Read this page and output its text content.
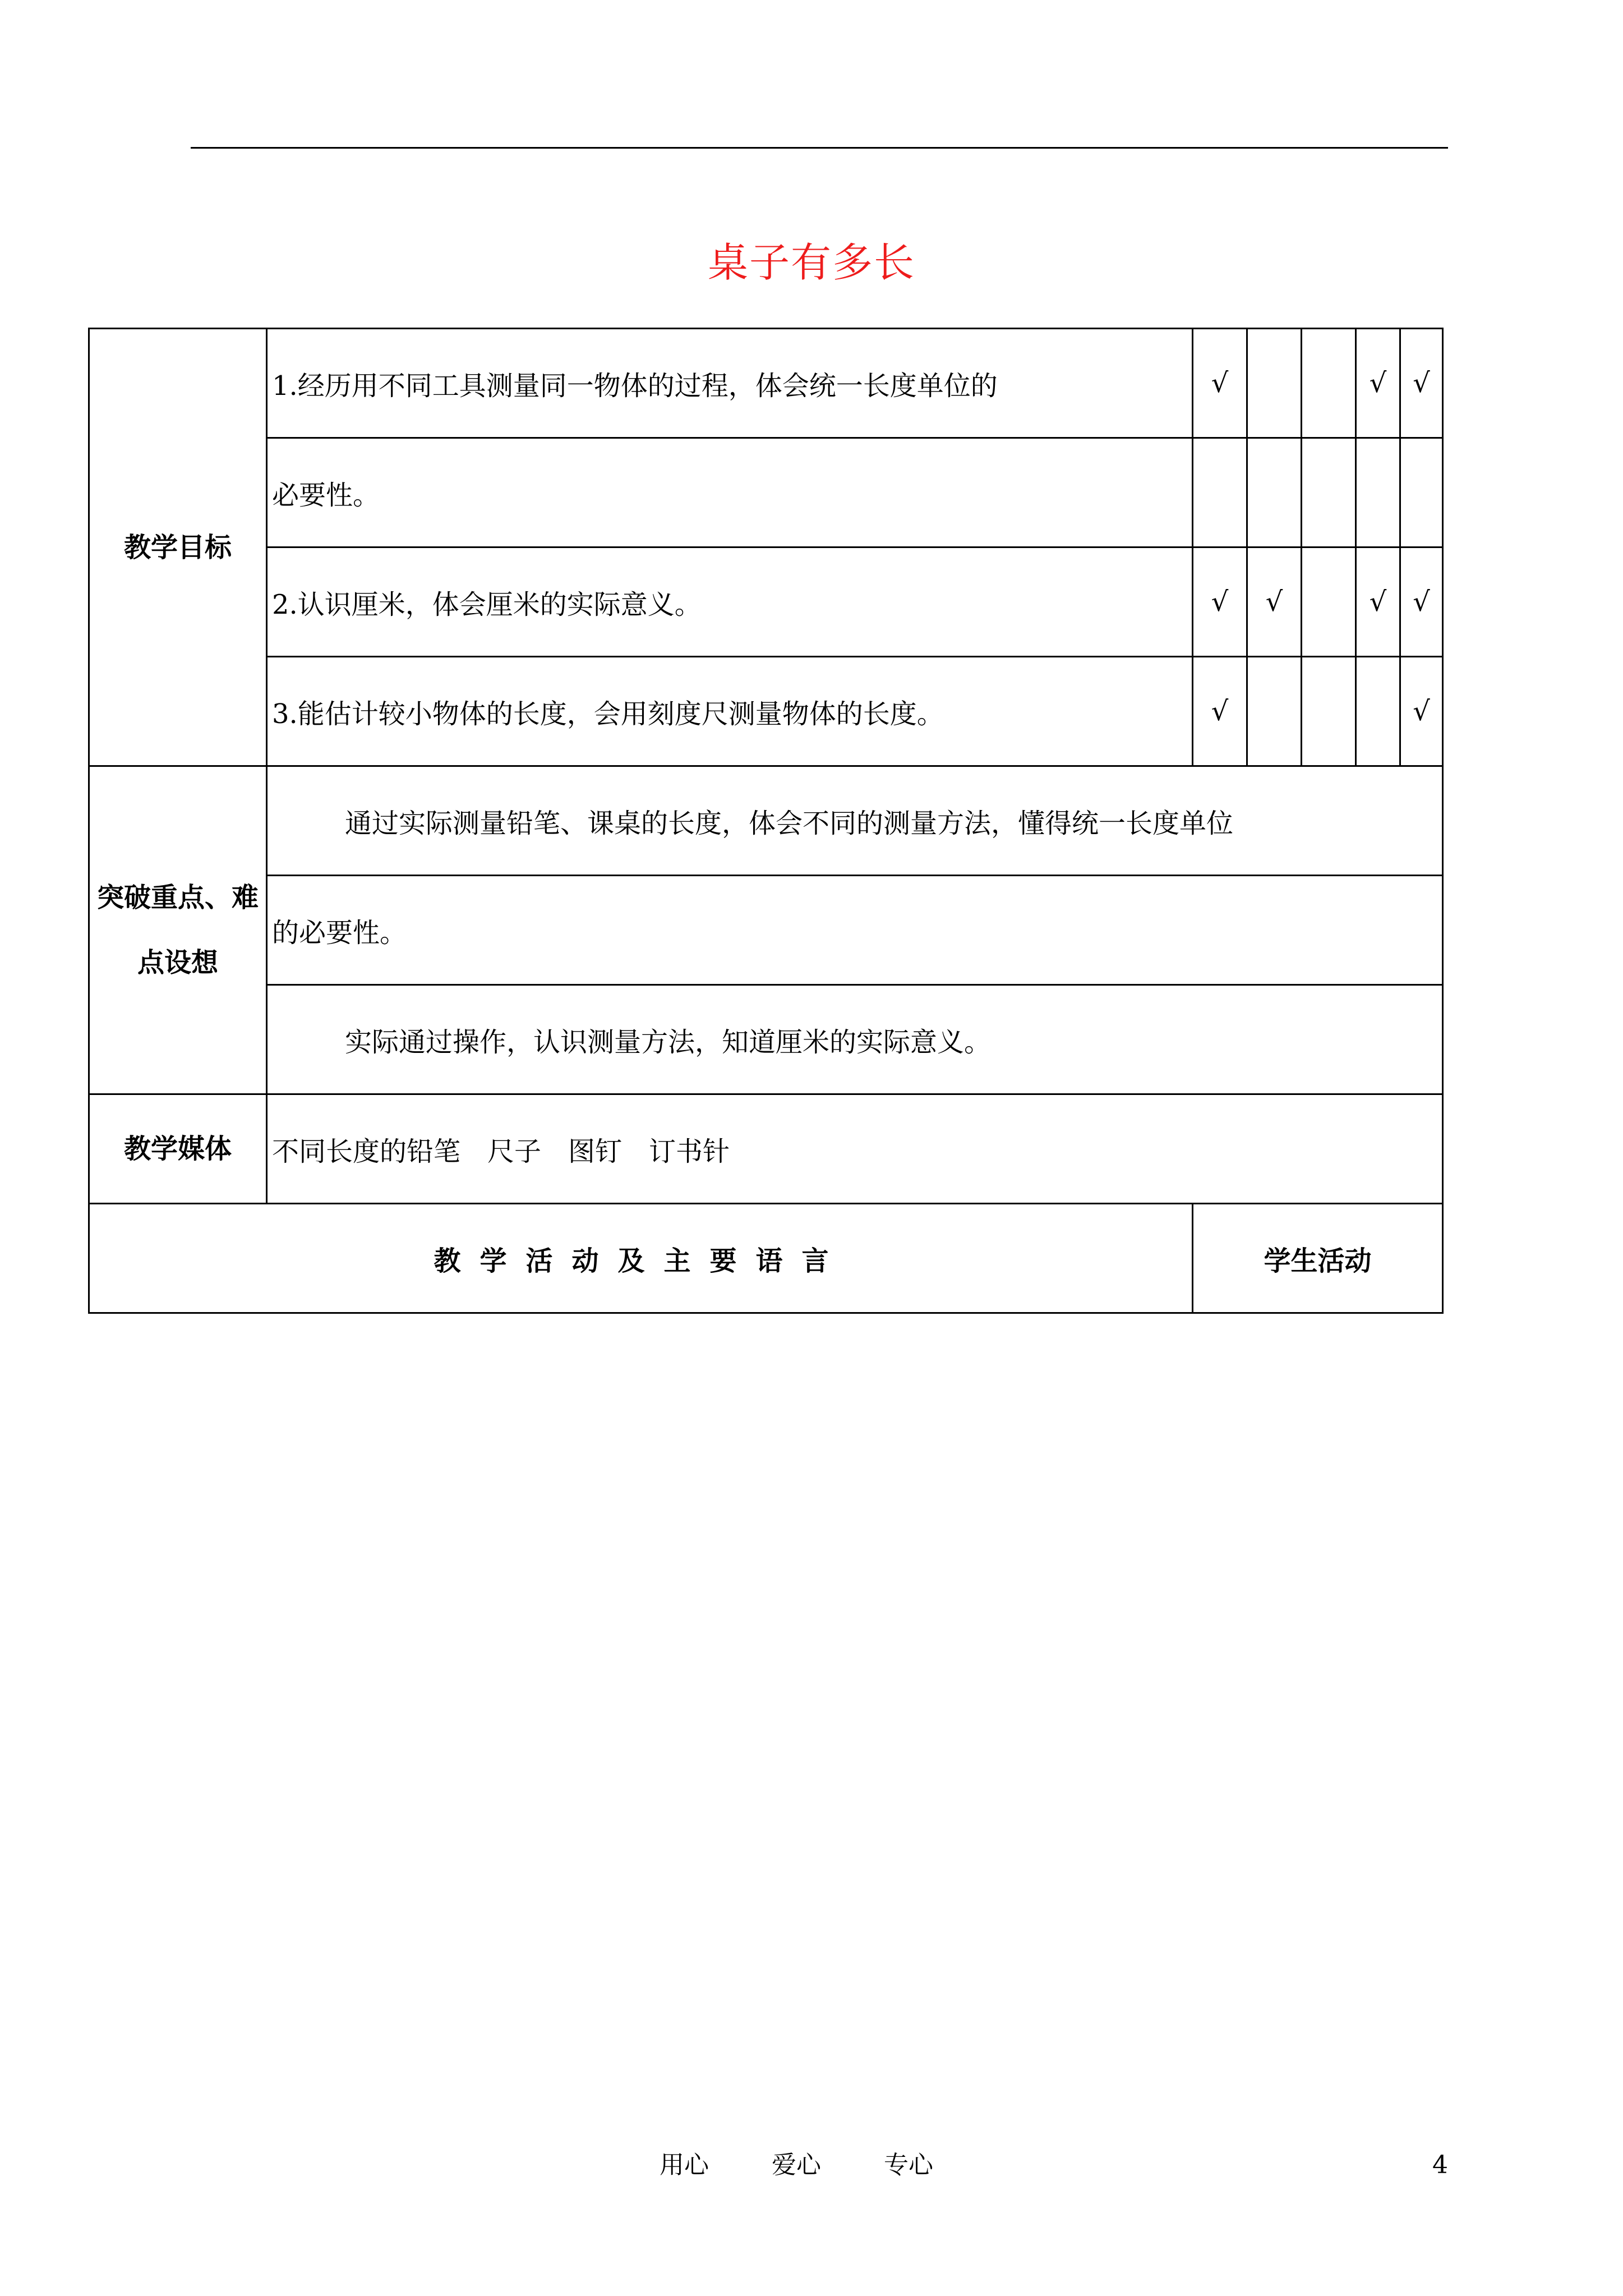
桌子有多长
教学目标	1.经历用不同工具测量同一物体的过程，体会统一长度单位的	√			√	√
	必要性。					
	2.认识厘米，体会厘米的实际意义。	√	√		√	√
	3.能估计较小物体的长度，会用刻度尺测量物体的长度。	√				√
突破重点、难
点设想	通过实际测量铅笔、课桌的长度，体会不同的测量方法，懂得统一长度单位					
	的必要性。					
	实际通过操作，认识测量方法，知道厘米的实际意义。					
教学媒体	不同长度的铅笔　尺子　图钉　订书针					
教学活动及主要语言		学生活动				
用心	爱心	专心	4
